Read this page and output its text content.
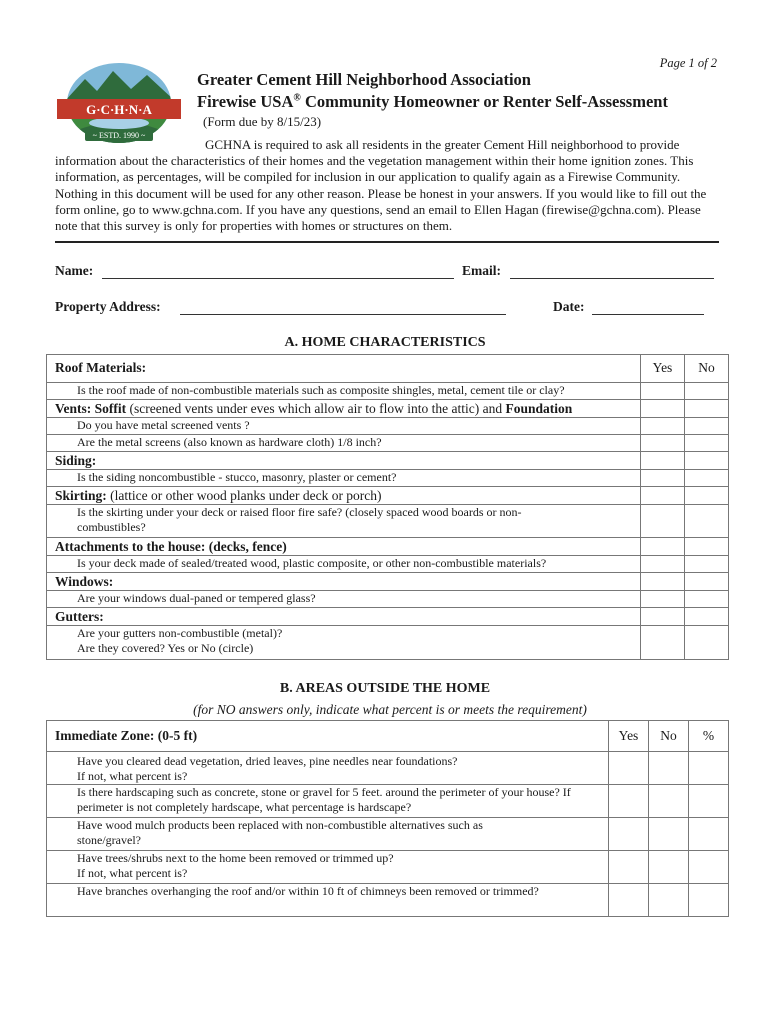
Page 1 of 2
G·C·H·N·A
~ ESTD. 1990 ~
Greater Cement Hill Neighborhood Association
Firewise USA® Community Homeowner or Renter Self-Assessment
(Form due by 8/15/23)
GCHNA is required to ask all residents in the greater Cement Hill neighborhood to provide information about the characteristics of their homes and the vegetation management within their home ignition zones. This information, as percentages, will be compiled for inclusion in our application to qualify again as a Firewise Community. Nothing in this document will be used for any other reason. Please be honest in your answers. If you would like to fill out the form online, go to www.gchna.com. If you have any questions, send an email to Ellen Hagan (firewise@gchna.com). Please note that this survey is only for properties with homes or structures on them.
Name:	Email:
Property Address:	Date:
A. HOME CHARACTERISTICS
Roof Materials:	Yes	No
Is the roof made of non-combustible materials such as composite shingles, metal, cement tile or clay?		
Vents: Soffit (screened vents under eves which allow air to flow into the attic) and Foundation		
Do you have metal screened vents ?		
Are the metal screens (also known as hardware cloth) 1/8 inch?		
Siding:		
Is the siding noncombustible - stucco, masonry, plaster or cement?		
Skirting: (lattice or other wood planks under deck or porch)		
Is the skirting under your deck or raised floor fire safe? (closely spaced wood boards or non-combustibles?		
Attachments to the house: (decks, fence)		
Is your deck made of sealed/treated wood, plastic composite, or other non-combustible materials?		
Windows:		
Are your windows dual-paned or tempered glass?		
Gutters:		

Are your gutters non-combustible (metal)?
Are they covered? Yes or No (circle)		

B. AREAS OUTSIDE THE HOME
(for NO answers only, indicate what percent is or meets the requirement)
Immediate Zone: (0-5 ft)	Yes	No	%

Have you cleared dead vegetation, dried leaves, pine needles near foundations?
If not, what percent is?			

Is there hardscaping such as concrete, stone or gravel for 5 feet. around the perimeter of your house? If perimeter is not completely hardscape, what percentage is hardscape?			
Have wood mulch products been replaced with non-combustible alternatives such as stone/gravel?			

Have trees/shrubs next to the home been removed or trimmed up?
If not, what percent is?			

Have branches overhanging the roof and/or within 10 ft of chimneys been removed or trimmed?			
